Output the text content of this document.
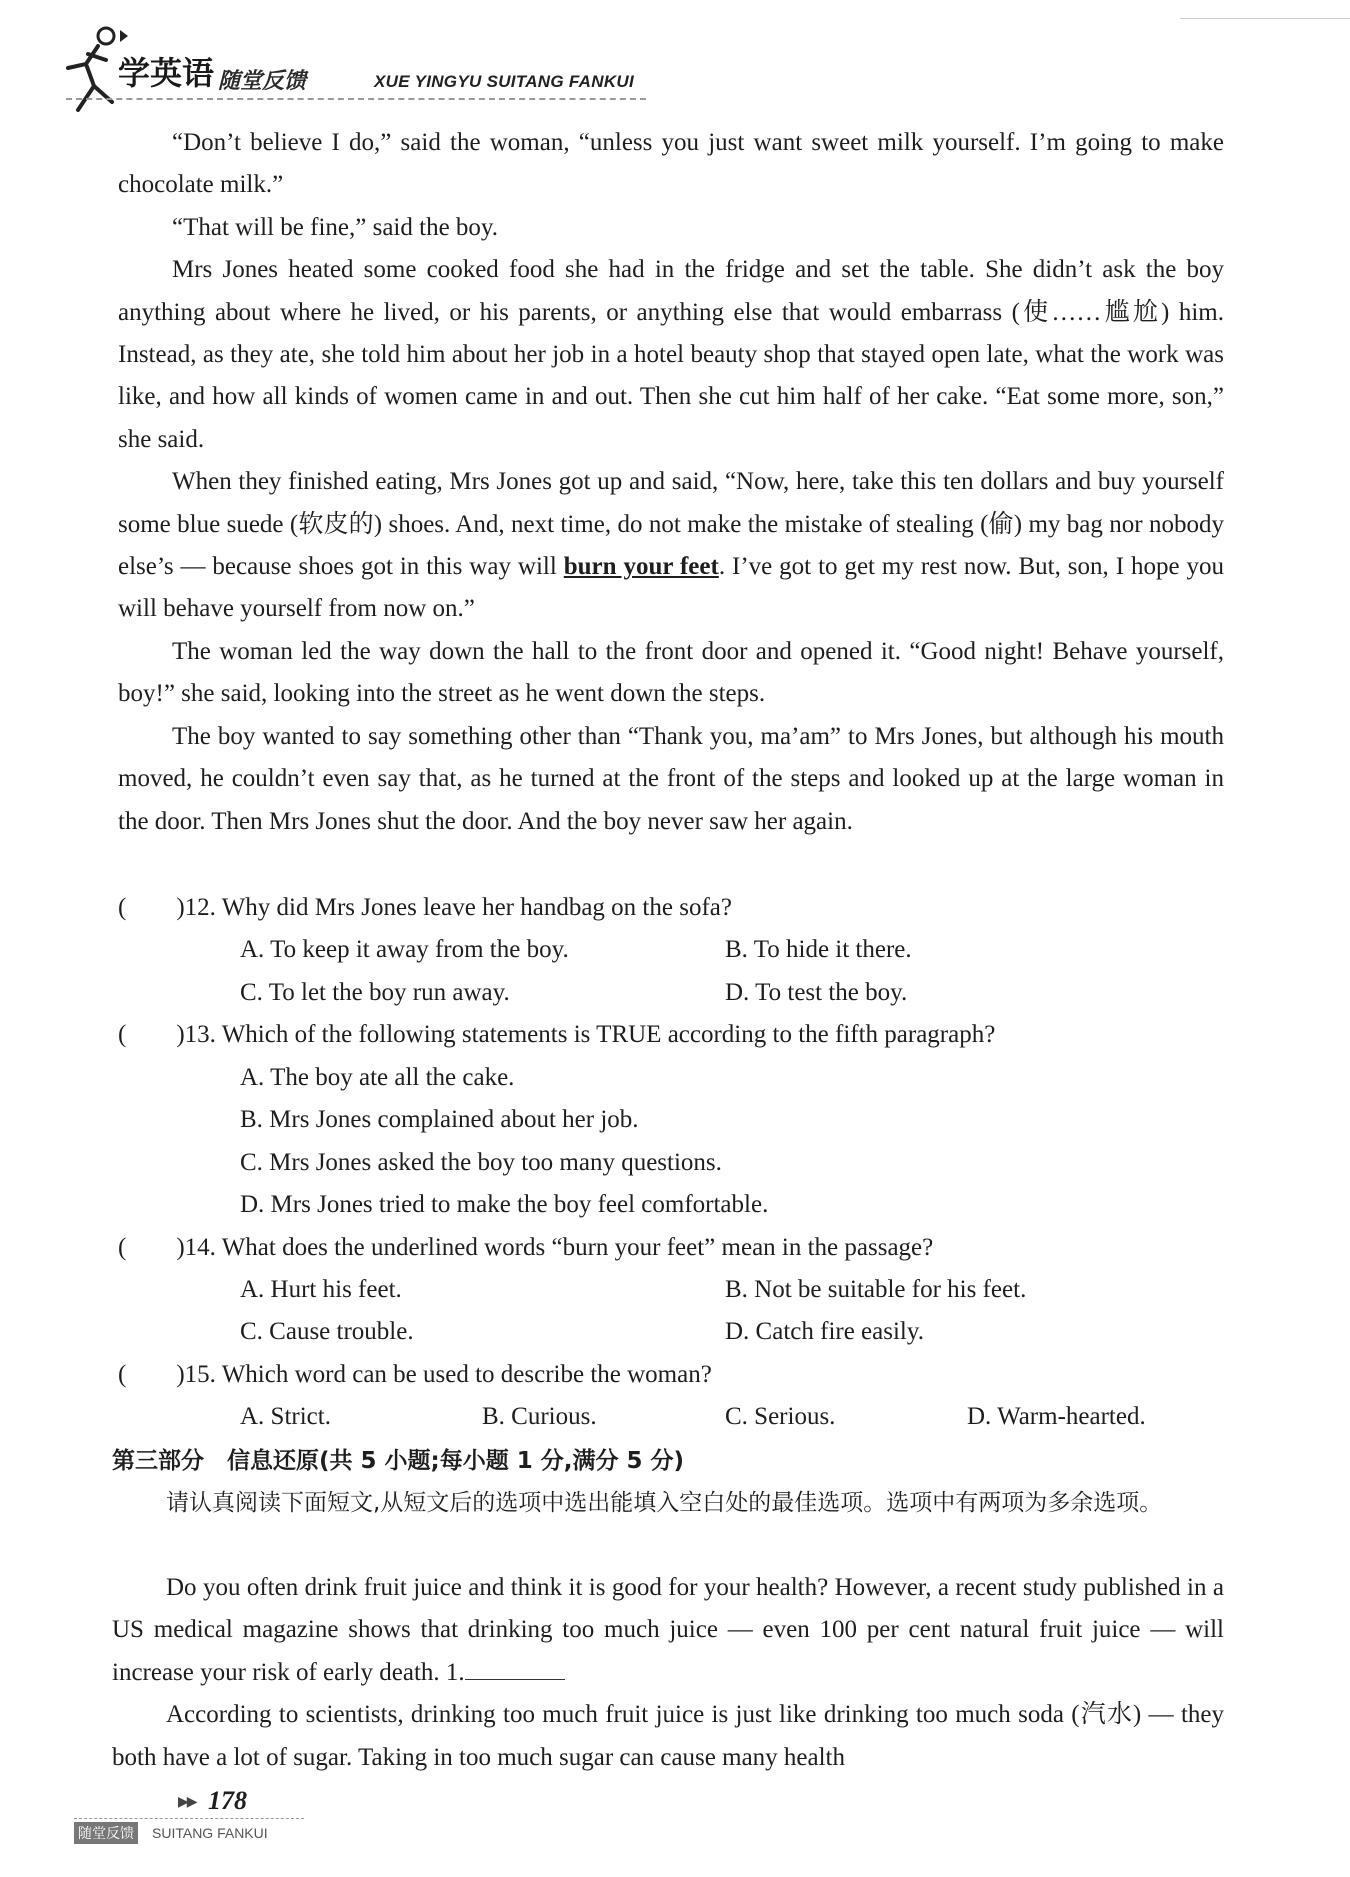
学英语 随堂反馈	XUE YINGYU SUITANG FANKUI

“Don’t believe I do,” said the woman, “unless you just want sweet milk yourself. I’m going to make chocolate milk.”

“That will be fine,” said the boy.

Mrs Jones heated some cooked food she had in the fridge and set the table. She didn’t ask the boy anything about where he lived, or his parents, or anything else that would embarrass (使……尴尬) him. Instead, as they ate, she told him about her job in a hotel beauty shop that stayed open late, what the work was like, and how all kinds of women came in and out. Then she cut him half of her cake. “Eat some more, son,” she said.

When they finished eating, Mrs Jones got up and said, “Now, here, take this ten dollars and buy yourself some blue suede (软皮的) shoes. And, next time, do not make the mistake of stealing (偷) my bag nor nobody else’s — because shoes got in this way will burn your feet. I’ve got to get my rest now. But, son, I hope you will behave yourself from now on.”

The woman led the way down the hall to the front door and opened it. “Good night! Behave yourself, boy!” she said, looking into the street as he went down the steps.

The boy wanted to say something other than “Thank you, ma’am” to Mrs Jones, but although his mouth moved, he couldn’t even say that, as he turned at the front of the steps and looked up at the large woman in the door. Then Mrs Jones shut the door. And the boy never saw her again.

(　　)12. Why did Mrs Jones leave her handbag on the sofa?
A. To keep it away from the boy.	B. To hide it there.
C. To let the boy run away.	D. To test the boy.
(　　)13. Which of the following statements is TRUE according to the fifth paragraph?
A. The boy ate all the cake.
B. Mrs Jones complained about her job.
C. Mrs Jones asked the boy too many questions.
D. Mrs Jones tried to make the boy feel comfortable.
(　　)14. What does the underlined words “burn your feet” mean in the passage?
A. Hurt his feet.	B. Not be suitable for his feet.
C. Cause trouble.	D. Catch fire easily.
(　　)15. Which word can be used to describe the woman?
A. Strict.	B. Curious.	C. Serious.	D. Warm-hearted.
第三部分　信息还原(共 5 小题;每小题 1 分,满分 5 分)

请认真阅读下面短文,从短文后的选项中选出能填入空白处的最佳选项。选项中有两项为多余选项。

Do you often drink fruit juice and think it is good for your health? However, a recent study published in a US medical magazine shows that drinking too much juice — even 100 per cent natural fruit juice — will increase your risk of early death. 1.

According to scientists, drinking too much fruit juice is just like drinking too much soda (汽水) — they both have a lot of sugar. Taking in too much sugar can cause many health

▶▶ 178
随堂反馈 SUITANG FANKUI
